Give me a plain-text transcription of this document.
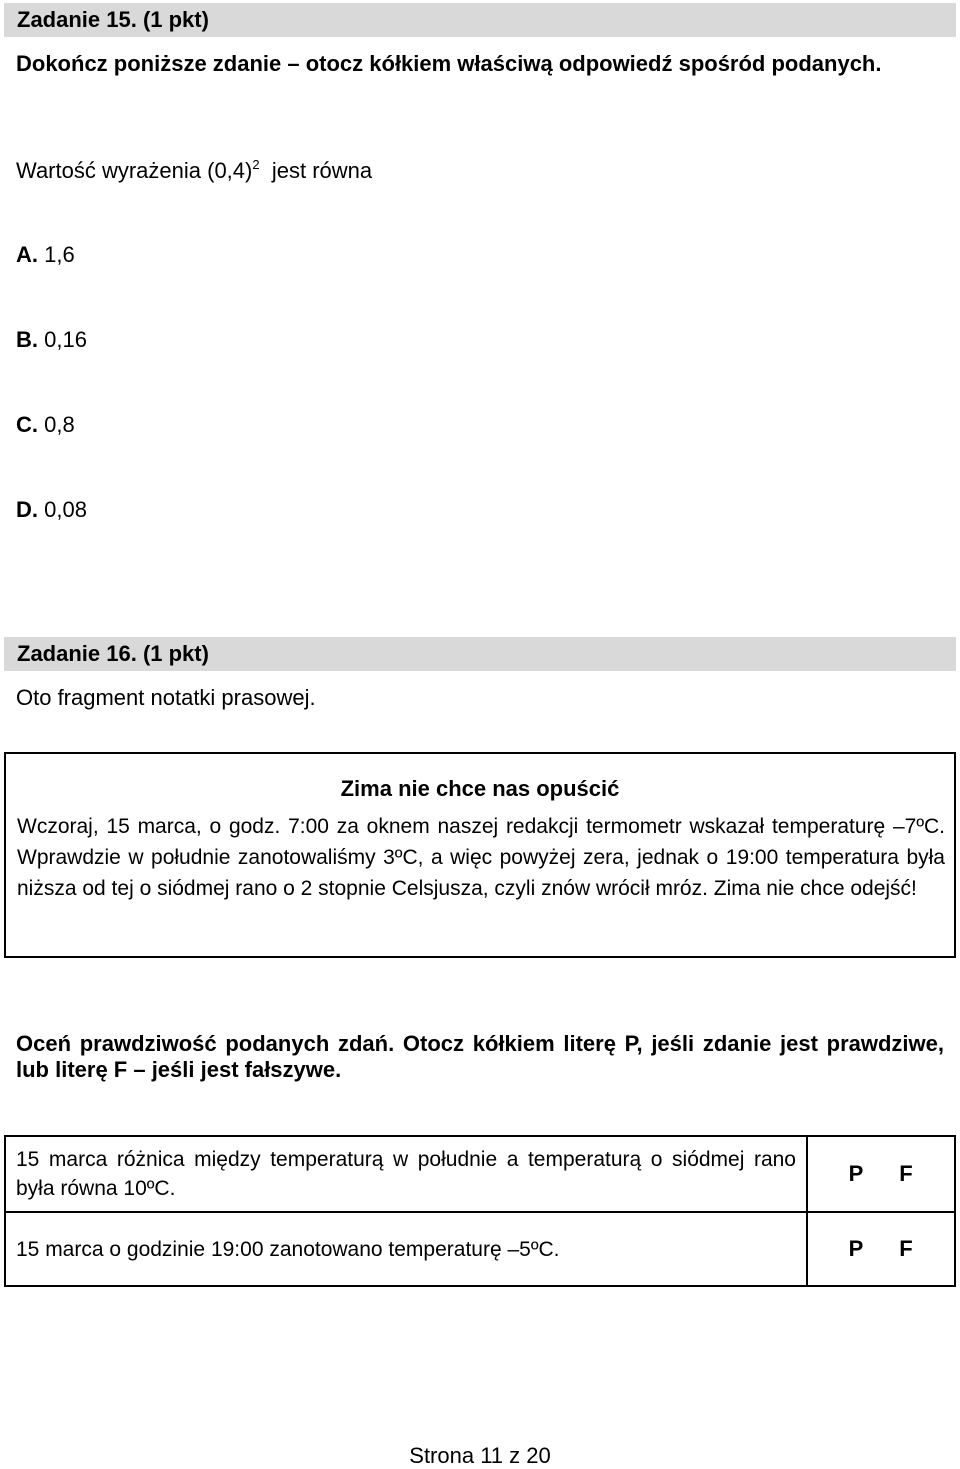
Zadanie 15. (1 pkt)
Dokończ poniższe zdanie – otocz kółkiem właściwą odpowiedź spośród podanych.
Wartość wyrażenia $(0,4)^2$ jest równa
A. 1,6
B. 0,16
C. 0,8
D. 0,08
Zadanie 16. (1 pkt)
Oto fragment notatki prasowej.
Zima nie chce nas opuścić
Wczoraj, 15 marca, o godz. 7:00 za oknem naszej redakcji termometr wskazał temperaturę –7ºC. Wprawdzie w południe zanotowaliśmy 3ºC, a więc powyżej zera, jednak o 19:00 temperatura była niższa od tej o siódmej rano o 2 stopnie Celsjusza, czyli znów wrócił mróz. Zima nie chce odejść!
Oceń prawdziwość podanych zdań. Otocz kółkiem literę P, jeśli zdanie jest prawdziwe, lub literę F – jeśli jest fałszywe.
15 marca różnica między temperaturą w południe a temperaturą o siódmej rano była równa 10ºC.	P F
15 marca o godzinie 19:00 zanotowano temperaturę –5ºC.	P F
Strona 11 z 20
